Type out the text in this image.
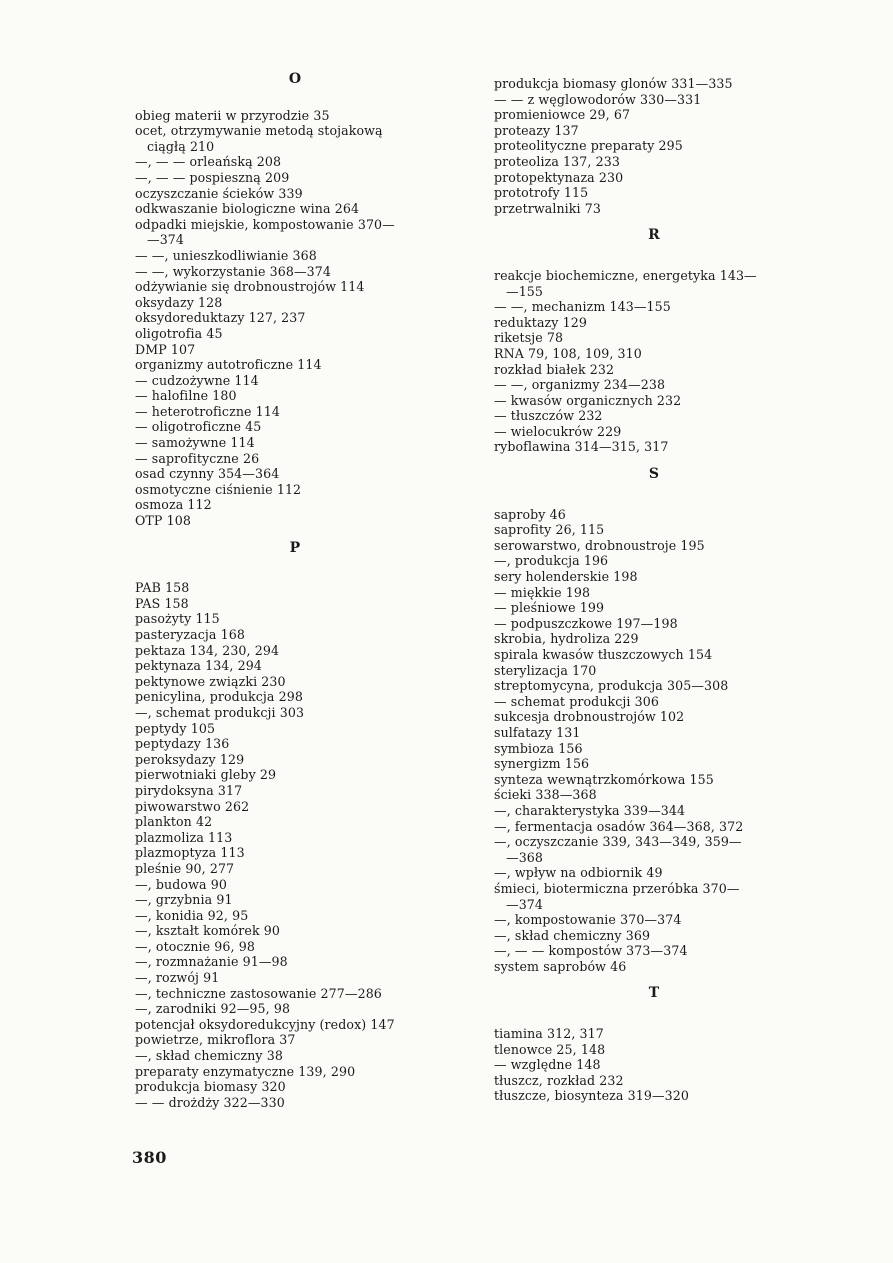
O
obieg materii w przyrodzie 35
ocet, otrzymywanie metodą stojakową
ciągłą 210
—, — — orleańską 208
—, — — pospieszną 209
oczyszczanie ścieków 339
odkwaszanie biologiczne wina 264
odpadki miejskie, kompostowanie 370—
—374
— —, unieszkodliwianie 368
— —, wykorzystanie 368—374
odżywianie się drobnoustrojów 114
oksydazy 128
oksydoreduktazy 127, 237
oligotrofia 45
DMP 107
organizmy autotroficzne 114
— cudzożywne 114
— halofilne 180
— heterotroficzne 114
— oligotroficzne 45
— samożywne 114
— saprofityczne 26
osad czynny 354—364
osmotyczne ciśnienie 112
osmoza 112
OTP 108
P
PAB 158
PAS 158
pasożyty 115
pasteryzacja 168
pektaza 134, 230, 294
pektynaza 134, 294
pektynowe związki 230
penicylina, produkcja 298
—, schemat produkcji 303
peptydy 105
peptydazy 136
peroksydazy 129
pierwotniaki gleby 29
pirydoksyna 317
piwowarstwo 262
plankton 42
plazmoliza 113
plazmoptyza 113
pleśnie 90, 277
—, budowa 90
—, grzybnia 91
—, konidia 92, 95
—, kształt komórek 90
—, otocznie 96, 98
—, rozmnażanie 91—98
—, rozwój 91
—, techniczne zastosowanie 277—286
—, zarodniki 92—95, 98
potencjał oksydoredukcyjny (redox) 147
powietrze, mikroflora 37
—, skład chemiczny 38
preparaty enzymatyczne 139, 290
produkcja biomasy 320
— — drożdży 322—330
produkcja biomasy glonów 331—335
— — z węglowodorów 330—331
promieniowce 29, 67
proteazy 137
proteolityczne preparaty 295
proteoliza 137, 233
protopektynaza 230
prototrofy 115
przetrwalniki 73
R
reakcje biochemiczne, energetyka 143—
—155
— —, mechanizm 143—155
reduktazy 129
riketsje 78
RNA 79, 108, 109, 310
rozkład białek 232
— —, organizmy 234—238
— kwasów organicznych 232
— tłuszczów 232
— wielocukrów 229
ryboflawina 314—315, 317
S
saproby 46
saprofity 26, 115
serowarstwo, drobnoustroje 195
—, produkcja 196
sery holenderskie 198
— miękkie 198
— pleśniowe 199
— podpuszczkowe 197—198
skrobia, hydroliza 229
spirala kwasów tłuszczowych 154
sterylizacja 170
streptomycyna, produkcja 305—308
— schemat produkcji 306
sukcesja drobnoustrojów 102
sulfatazy 131
symbioza 156
synergizm 156
synteza wewnątrzkomórkowa 155
ścieki 338—368
—, charakterystyka 339—344
—, fermentacja osadów 364—368, 372
—, oczyszczanie 339, 343—349, 359—
—368
—, wpływ na odbiornik 49
śmieci, biotermiczna przeróbka 370—
—374
—, kompostowanie 370—374
—, skład chemiczny 369
—, — — kompostów 373—374
system saprobów 46
T
tiamina 312, 317
tlenowce 25, 148
— względne 148
tłuszcz, rozkład 232
tłuszcze, biosynteza 319—320
380
